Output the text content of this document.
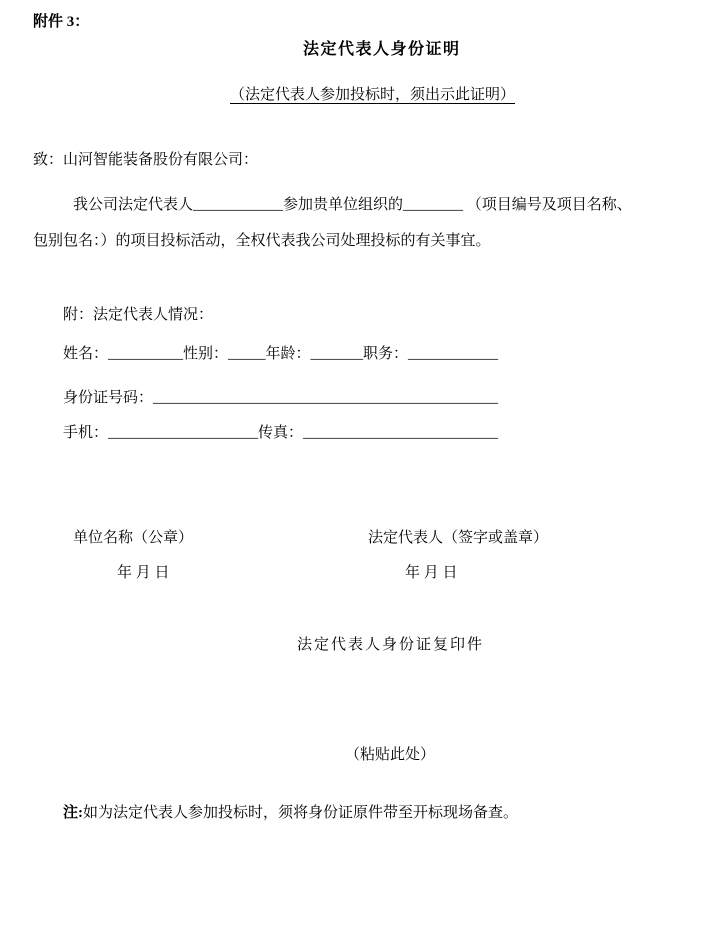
附件 3：
法定代表人身份证明
（法定代表人参加投标时，须出示此证明）
致：山河智能装备股份有限公司：
我公司法定代表人____________参加贵单位组织的________ （项目编号及项目名称、
包别包名：）的项目投标活动，全权代表我公司处理投标的有关事宜。
附：法定代表人情况：
姓名：__________性别：_____年龄：_______职务：____________
身份证号码：______________________________________________
手机：____________________传真：__________________________
单位名称（公章）	法定代表人（签字或盖章）
年 月 日	年 月 日
法定代表人身份证复印件
（粘贴此处）
注:如为法定代表人参加投标时，须将身份证原件带至开标现场备查。
